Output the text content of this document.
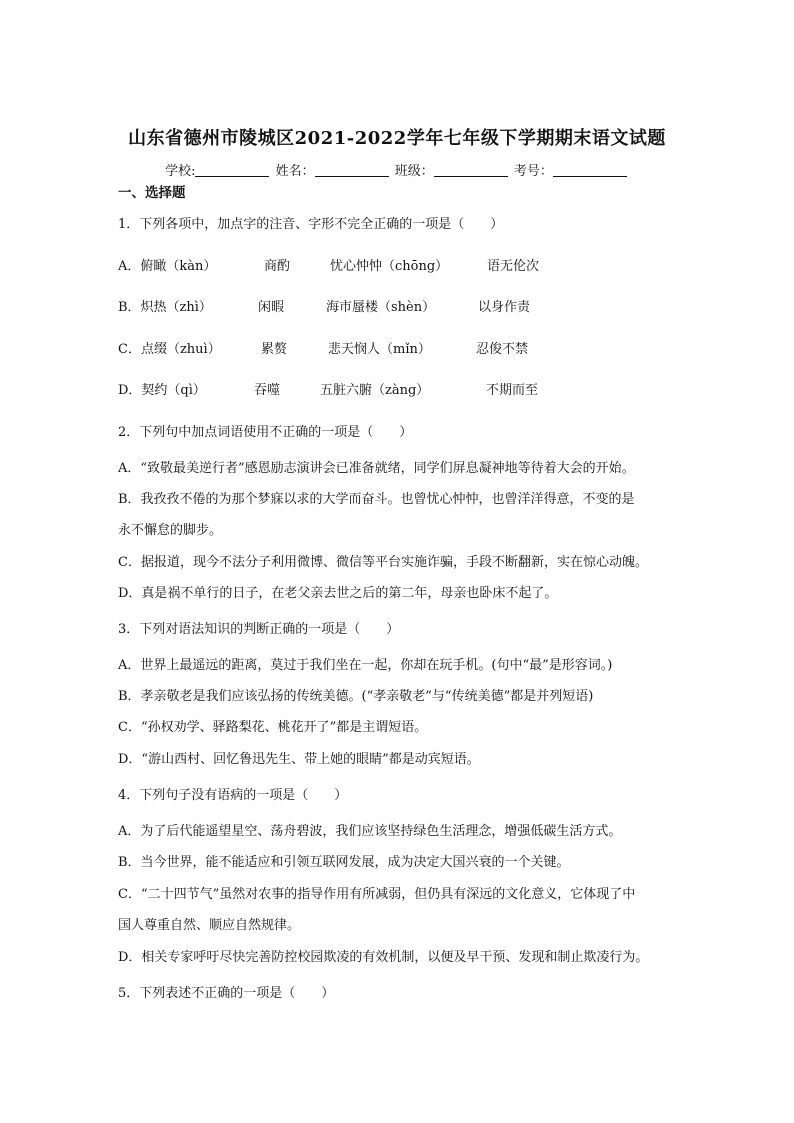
山东省德州市陵城区2021-2022学年七年级下学期期末语文试题
学校:	姓名：	班级：	考号：
一、选择题
1．下列各项中，加点字的注音、字形不完全正确的一项是（　　）
A．俯瞰（kàn）	商酌	忧心忡忡（chōng）	语无伦次
B．炽热（zhì）	闲暇	海市蜃楼（shèn）	以身作责
C．点缀（zhuì）	累赘	悲天悯人（mǐn）	忍俊不禁
D．契约（qì）	吞噬	五脏六腑（zàng）	不期而至
2．下列句中加点词语使用不正确的一项是（　　）
A．“致敬最美逆行者”感恩励志演讲会已准备就绪，同学们屏息凝神地等待着大会的开始。
B．我孜孜不倦的为那个梦寐以求的大学而奋斗。也曾忧心忡忡，也曾洋洋得意，不变的是
永不懈怠的脚步。
C．据报道，现今不法分子利用微博、微信等平台实施诈骗，手段不断翻新，实在惊心动魄。
D．真是祸不单行的日子，在老父亲去世之后的第二年，母亲也卧床不起了。
3．下列对语法知识的判断正确的一项是（　　）
A．世界上最遥远的距离，莫过于我们坐在一起，你却在玩手机。(句中“最”是形容词。)
B．孝亲敬老是我们应该弘扬的传统美德。(“孝亲敬老”与“传统美德”都是并列短语)
C．“孙权劝学、驿路梨花、桃花开了”都是主谓短语。
D．“游山西村、回忆鲁迅先生、带上她的眼睛”都是动宾短语。
4．下列句子没有语病的一项是（　　）
A．为了后代能遥望星空、荡舟碧波，我们应该坚持绿色生活理念，增强低碳生活方式。
B．当今世界，能不能适应和引领互联网发展，成为决定大国兴衰的一个关键。
C．“二十四节气”虽然对农事的指导作用有所减弱，但仍具有深远的文化意义，它体现了中
国人尊重自然、顺应自然规律。
D．相关专家呼吁尽快完善防控校园欺凌的有效机制，以便及早干预、发现和制止欺凌行为。
5．下列表述不正确的一项是（　　）
